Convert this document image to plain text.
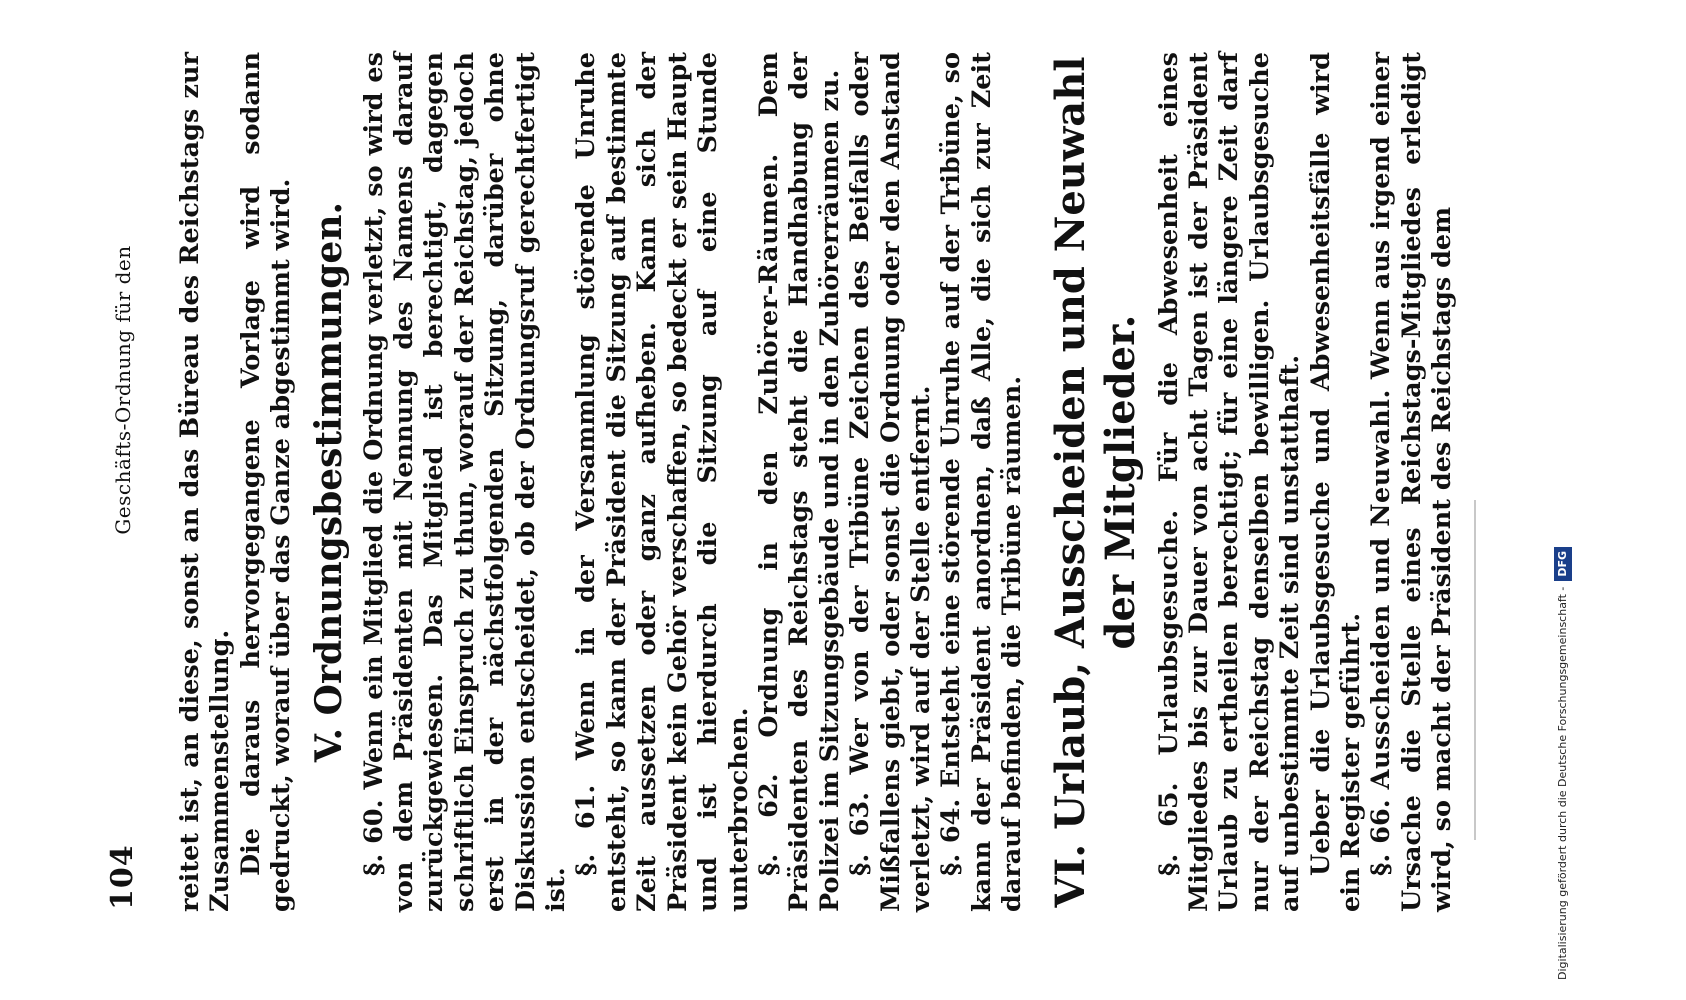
104
Geschäfts-Ordnung für den reitet ist, an diese, sonst an das Büreau des Reichstags zur Zusammenstellung. Die daraus hervorgegangene Vorlage wird sodann gedruckt, worauf über das Ganze abgestimmt wird. V. Ordnungsbestimmungen.

§. 60. Wenn ein Mitglied die Ordnung verletzt, so wird es von dem Präsidenten mit Nennung des Namens darauf zurückgewiesen. Das Mitglied ist berechtigt, dagegen schriftlich Einspruch zu thun, worauf der Reichstag, jedoch erst in der nächstfolgenden Sitzung, darüber ohne Diskussion entscheidet, ob der Ordnungsruf gerechtfertigt ist.

§. 61. Wenn in der Versammlung störende Unruhe entsteht, so kann der Präsident die Sitzung auf bestimmte Zeit aussetzen oder ganz aufheben. Kann sich der Präsident kein Gehör verschaffen, so bedeckt er sein Haupt und ist hierdurch die Sitzung auf eine Stunde unterbrochen. §. 62. Ordnung in den Zuhörer-Räumen. Dem Präsidenten des Reichstags steht die Handhabung der Polizei im Sitzungsgebäude und in den Zuhörerräumen zu. §. 63. Wer von der Tribüne Zeichen des Beifalls oder Mißfallens giebt, oder sonst die Ordnung oder den Anstand verletzt, wird auf der Stelle entfernt. §. 64. Entsteht eine störende Unruhe auf der Tribüne, so kann der Präsident anordnen, daß Alle, die sich zur Zeit darauf befinden, die Tribüne räumen. VI. Urlaub, Ausscheiden und Neuwahl der Mitglieder.

§. 65. Urlaubsgesuche. Für die Abwesenheit eines Mitgliedes bis zur Dauer von acht Tagen ist der Präsident Urlaub zu ertheilen berechtigt; für eine längere Zeit darf nur der Reichstag denselben bewilligen. Urlaubsgesuche auf unbestimmte Zeit sind unstatthaft. Ueber die Urlaubsgesuche und Abwesenheitsfälle wird ein Register geführt. §. 66. Ausscheiden und Neuwahl. Wenn aus irgend einer Ursache die Stelle eines Reichstags-Mitgliedes erledigt wird, so macht der Präsident des Reichstags dem	Digitalisierung gefördert durch die Deutsche Forschungsgemeinschaft -DFG
